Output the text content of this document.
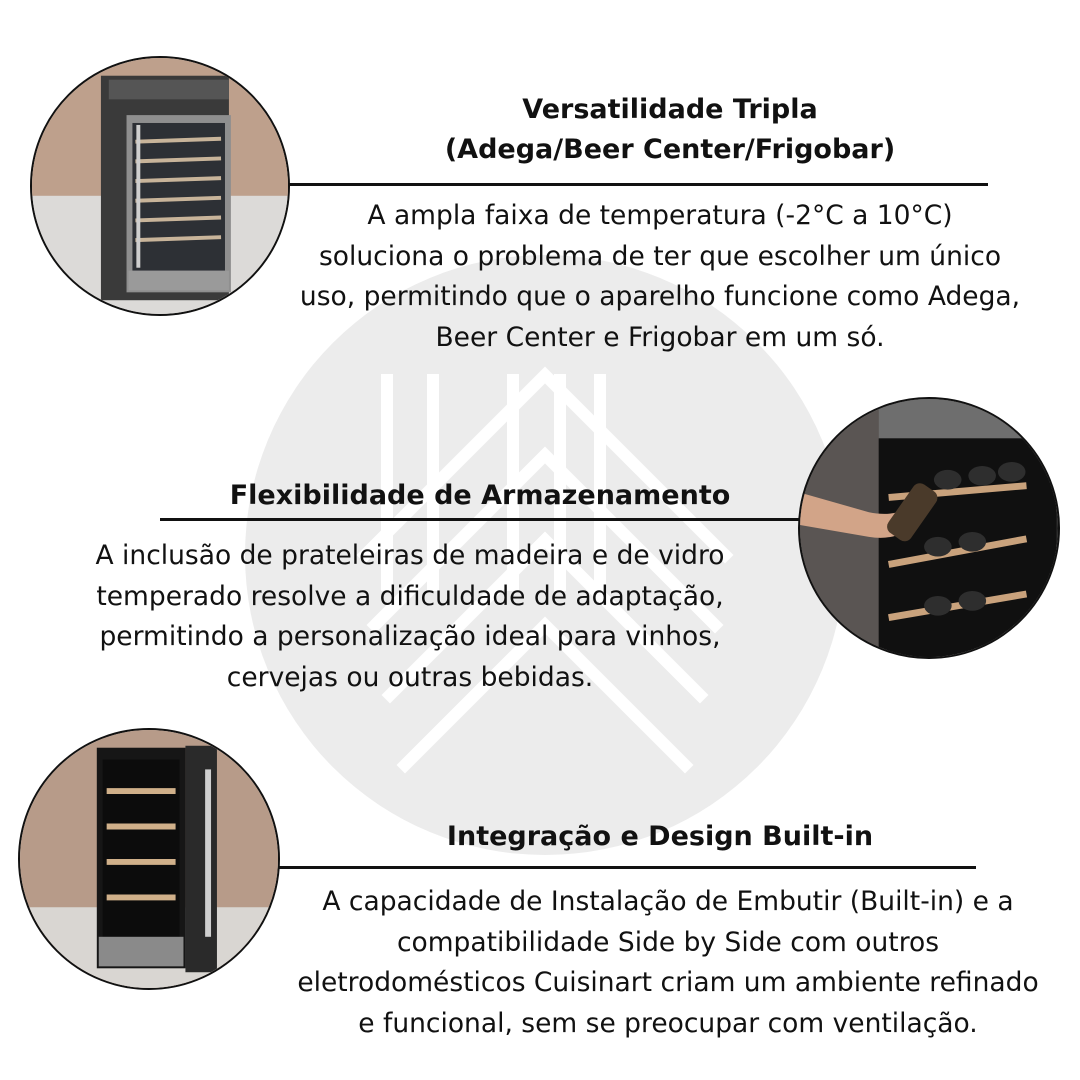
Versatilidade Tripla
(Adega/Beer Center/Frigobar)

A ampla faixa de temperatura (-2°C a 10°C)
soluciona o problema de ter que escolher um único
uso, permitindo que o aparelho funcione como Adega,
Beer Center e Frigobar em um só.

Flexibilidade de Armazenamento

A inclusão de prateleiras de madeira e de vidro
temperado resolve a dificuldade de adaptação,
permitindo a personalização ideal para vinhos,
cervejas ou outras bebidas.

Integração e Design Built-in

A capacidade de Instalação de Embutir (Built-in) e a
compatibilidade Side by Side com outros
eletrodomésticos Cuisinart criam um ambiente refinado
e funcional, sem se preocupar com ventilação.
